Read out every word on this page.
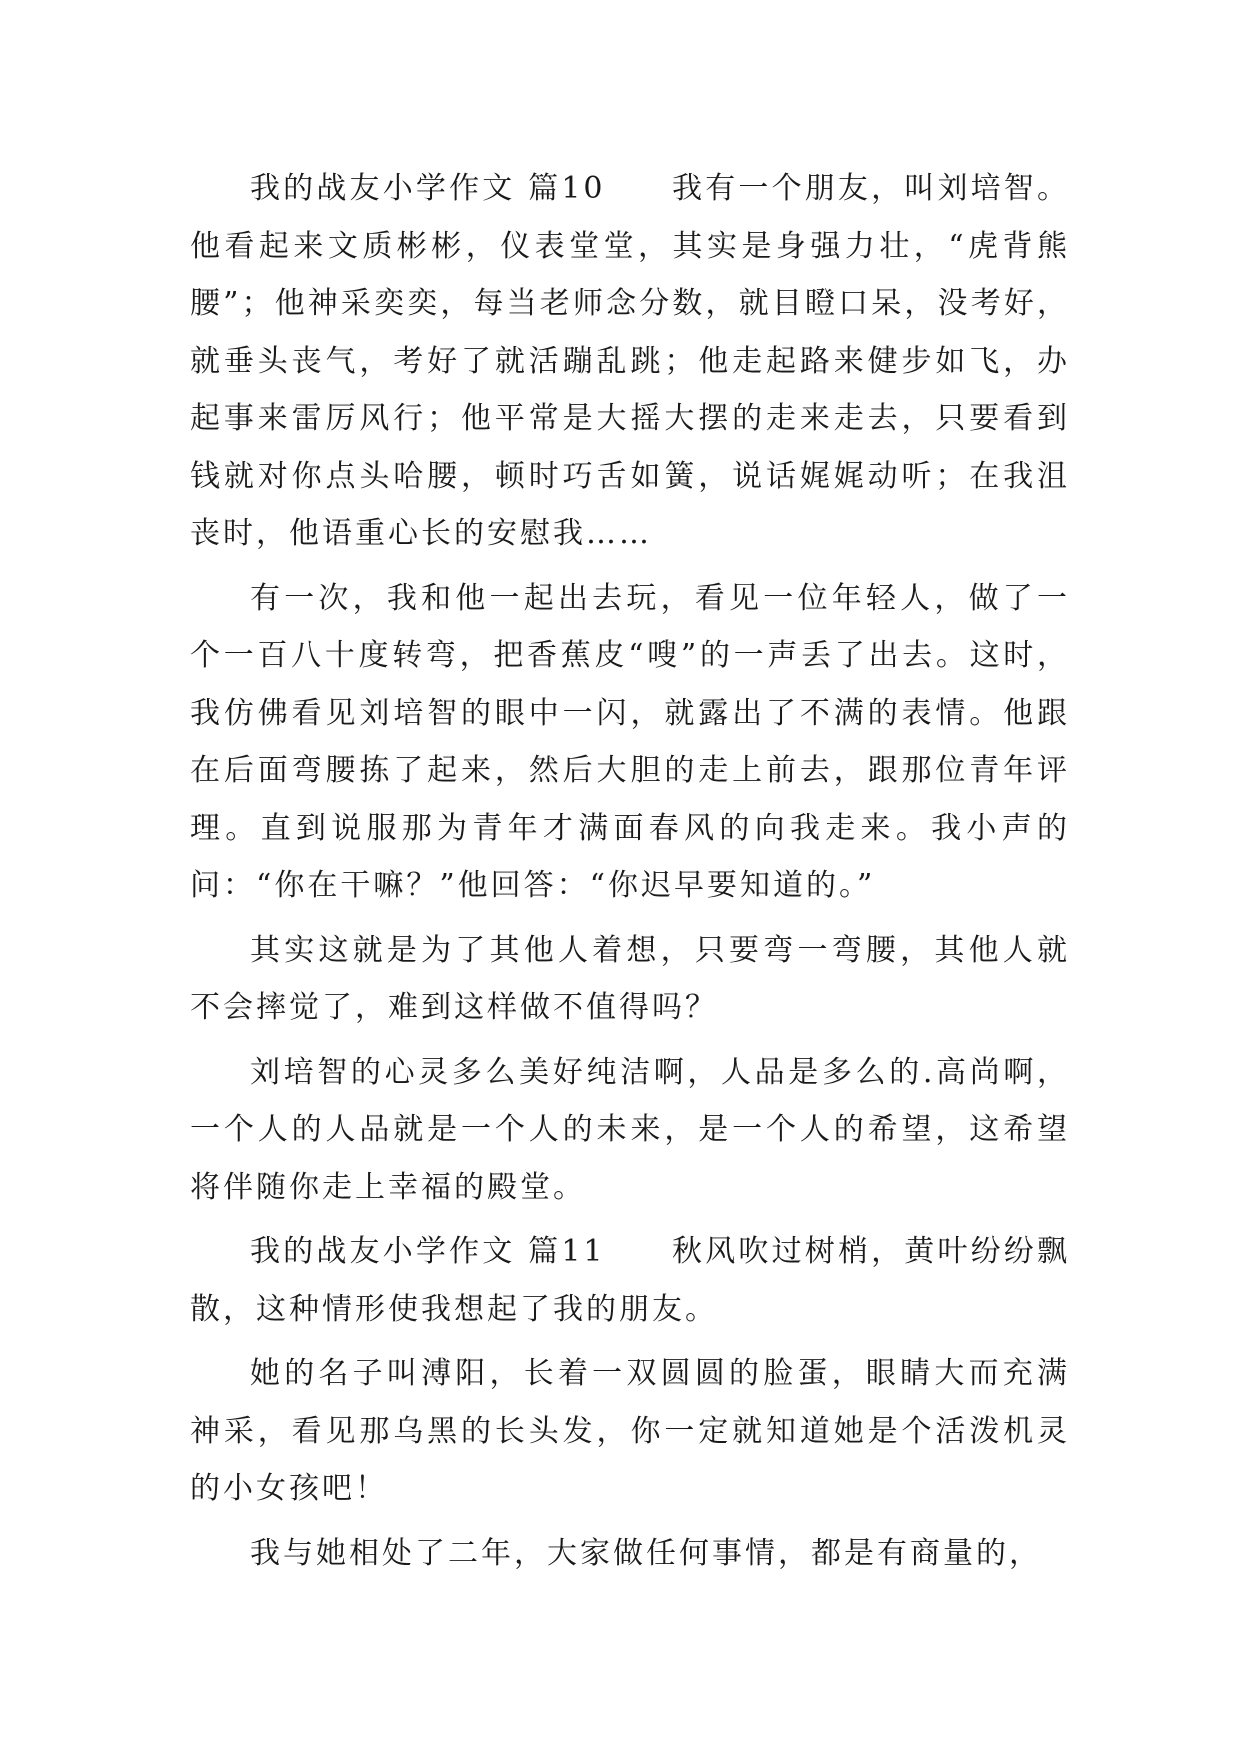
我的战友小学作文 篇10　　我有一个朋友，叫刘培智。他看起来文质彬彬，仪表堂堂，其实是身强力壮，“虎背熊腰”；他神采奕奕，每当老师念分数，就目瞪口呆，没考好，就垂头丧气，考好了就活蹦乱跳；他走起路来健步如飞，办起事来雷厉风行；他平常是大摇大摆的走来走去，只要看到钱就对你点头哈腰，顿时巧舌如簧，说话娓娓动听；在我沮丧时，他语重心长的安慰我……

有一次，我和他一起出去玩，看见一位年轻人，做了一个一百八十度转弯，把香蕉皮“嗖”的一声丢了出去。这时，我仿佛看见刘培智的眼中一闪，就露出了不满的表情。他跟在后面弯腰拣了起来，然后大胆的走上前去，跟那位青年评理。直到说服那为青年才满面春风的向我走来。我小声的问：“你在干嘛？”他回答：“你迟早要知道的。”

其实这就是为了其他人着想，只要弯一弯腰，其他人就不会摔觉了，难到这样做不值得吗？

刘培智的心灵多么美好纯洁啊，人品是多么的.高尚啊，一个人的人品就是一个人的未来，是一个人的希望，这希望将伴随你走上幸福的殿堂。

我的战友小学作文 篇11　　秋风吹过树梢，黄叶纷纷飘散，这种情形使我想起了我的朋友。

她的名子叫溥阳，长着一双圆圆的脸蛋，眼睛大而充满神采，看见那乌黑的长头发，你一定就知道她是个活泼机灵的小女孩吧！

我与她相处了二年，大家做任何事情，都是有商量的，
